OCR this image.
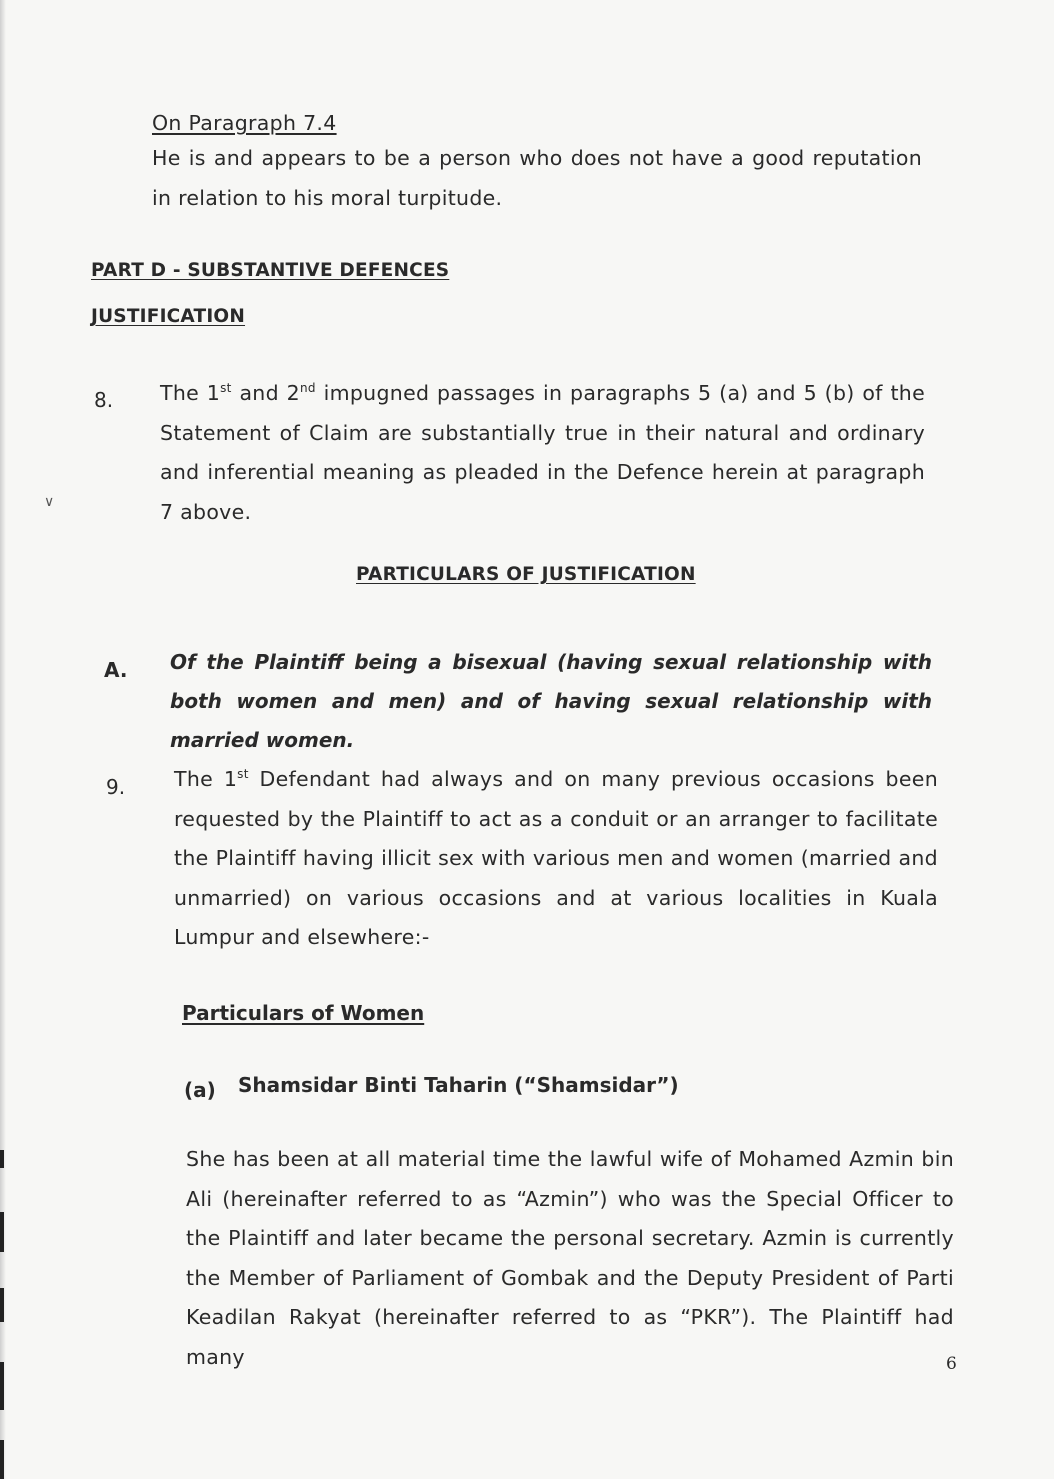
On Paragraph 7.4
He is and appears to be a person who does not have a good reputation in relation to his moral turpitude.
PART D - SUBSTANTIVE DEFENCES
JUSTIFICATION
8. The 1st and 2nd impugned passages in paragraphs 5 (a) and 5 (b) of the Statement of Claim are substantially true in their natural and ordinary and inferential meaning as pleaded in the Defence herein at paragraph 7 above.
∨
PARTICULARS OF JUSTIFICATION
A. Of the Plaintiff being a bisexual (having sexual relationship with both women and men) and of having sexual relationship with married women.
9. The 1st Defendant had always and on many previous occasions been requested by the Plaintiff to act as a conduit or an arranger to facilitate the Plaintiff having illicit sex with various men and women (married and unmarried) on various occasions and at various localities in Kuala Lumpur and elsewhere:-
Particulars of Women
(a) Shamsidar Binti Taharin (“Shamsidar”)
She has been at all material time the lawful wife of Mohamed Azmin bin Ali (hereinafter referred to as “Azmin”) who was the Special Officer to the Plaintiff and later became the personal secretary. Azmin is currently the Member of Parliament of Gombak and the Deputy President of Parti Keadilan Rakyat (hereinafter referred to as “PKR”). The Plaintiff had many	6
